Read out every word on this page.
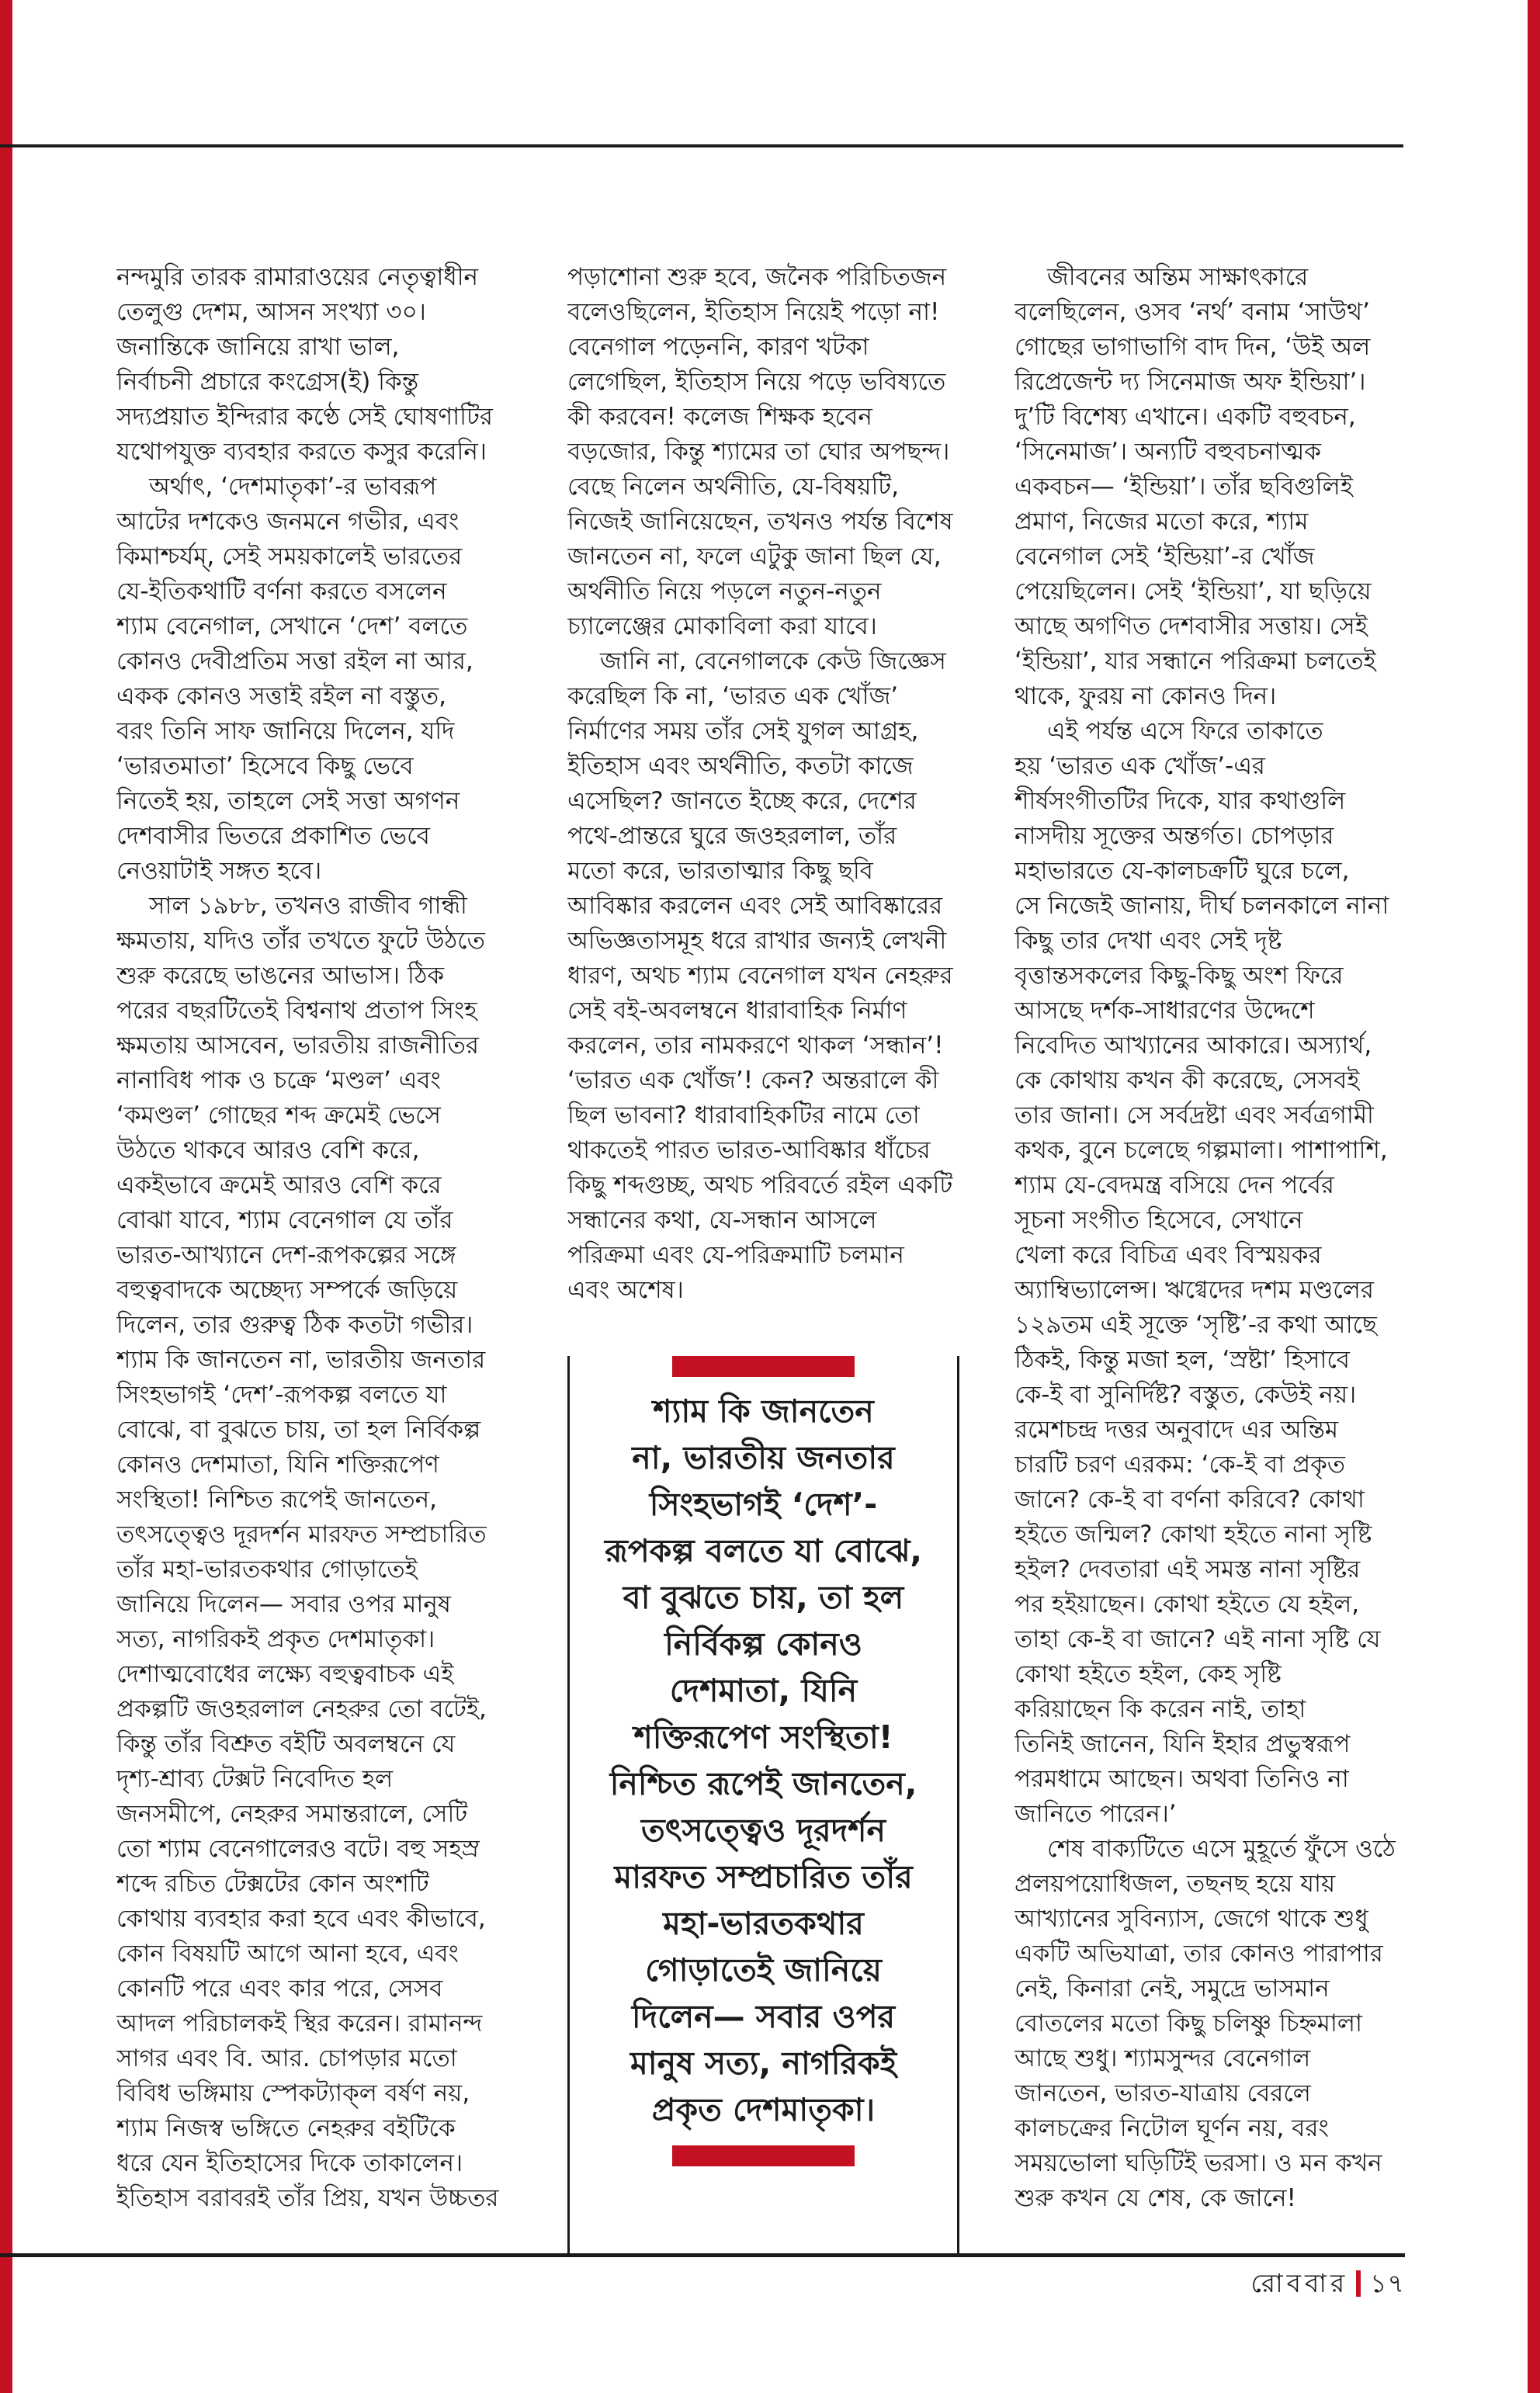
নন্দমুরি তারক রামারাওয়ের নেতৃত্বাধীন
তেলুগু দেশম, আসন সংখ্যা ৩০।
জনান্তিকে জানিয়ে রাখা ভাল,
নির্বাচনী প্রচারে কংগ্রেস(ই) কিন্তু
সদ্যপ্রয়াত ইন্দিরার কণ্ঠে সেই ঘোষণাটির
যথোপযুক্ত ব্যবহার করতে কসুর করেনি।
অর্থাৎ, ‘দেশমাতৃকা’-র ভাবরূপ
আটের দশকেও জনমনে গভীর, এবং
কিমাশ্চর্যম্‌, সেই সময়কালেই ভারতের
যে-ইতিকথাটি বর্ণনা করতে বসলেন
শ্যাম বেনেগাল, সেখানে ‘দেশ’ বলতে
কোনও দেবীপ্রতিম সত্তা রইল না আর,
একক কোনও সত্তাই রইল না বস্তুত,
বরং তিনি সাফ জানিয়ে দিলেন, যদি
‘ভারতমাতা’ হিসেবে কিছু ভেবে
নিতেই হয়, তাহলে সেই সত্তা অগণন
দেশবাসীর ভিতরে প্রকাশিত ভেবে
নেওয়াটাই সঙ্গত হবে।
সাল ১৯৮৮, তখনও রাজীব গান্ধী
ক্ষমতায়, যদিও তাঁর তখতে ফুটে উঠতে
শুরু করেছে ভাঙনের আভাস। ঠিক
পরের বছরটিতেই বিশ্বনাথ প্রতাপ সিংহ
ক্ষমতায় আসবেন, ভারতীয় রাজনীতির
নানাবিধ পাক ও চক্রে ‘মণ্ডল’ এবং
‘কমণ্ডল’ গোছের শব্দ ক্রমেই ভেসে
উঠতে থাকবে আরও বেশি করে,
একইভাবে ক্রমেই আরও বেশি করে
বোঝা যাবে, শ্যাম বেনেগাল যে তাঁর
ভারত-আখ্যানে দেশ-রূপকল্পের সঙ্গে
বহুত্ববাদকে অচ্ছেদ্য সম্পর্কে জড়িয়ে
দিলেন, তার গুরুত্ব ঠিক কতটা গভীর।
শ্যাম কি জানতেন না, ভারতীয় জনতার
সিংহভাগই ‘দেশ’-রূপকল্প বলতে যা
বোঝে, বা বুঝতে চায়, তা হল নির্বিকল্প
কোনও দেশমাতা, যিনি শক্তিরূপেণ
সংস্থিতা! নিশ্চিত রূপেই জানতেন,
তৎসত্ত্বেও দূরদর্শন মারফত সম্প্রচারিত
তাঁর মহা-ভারতকথার গোড়াতেই
জানিয়ে দিলেন— সবার ওপর মানুষ
সত্য, নাগরিকই প্রকৃত দেশমাতৃকা।
দেশাত্মবোধের লক্ষ্যে বহুত্ববাচক এই
প্রকল্পটি জওহরলাল নেহরুর তো বটেই,
কিন্তু তাঁর বিশ্রুত বইটি অবলম্বনে যে
দৃশ্য-শ্রাব্য টেক্সট নিবেদিত হল
জনসমীপে, নেহরুর সমান্তরালে, সেটি
তো শ্যাম বেনেগালেরও বটে। বহু সহস্র
শব্দে রচিত টেক্সটের কোন অংশটি
কোথায় ব্যবহার করা হবে এবং কীভাবে,
কোন বিষয়টি আগে আনা হবে, এবং
কোনটি পরে এবং কার পরে, সেসব
আদল পরিচালকই স্থির করেন। রামানন্দ
সাগর এবং বি. আর. চোপড়ার মতো
বিবিধ ভঙ্গিমায় স্পেকট্যাক্‌ল বর্ষণ নয়,
শ্যাম নিজস্ব ভঙ্গিতে নেহরুর বইটিকে
ধরে যেন ইতিহাসের দিকে তাকালেন।
ইতিহাস বরাবরই তাঁর প্রিয়, যখন উচ্চতর
পড়াশোনা শুরু হবে, জনৈক পরিচিতজন
বলেওছিলেন, ইতিহাস নিয়েই পড়ো না!
বেনেগাল পড়েননি, কারণ খটকা
লেগেছিল, ইতিহাস নিয়ে পড়ে ভবিষ্যতে
কী করবেন! কলেজ শিক্ষক হবেন
বড়জোর, কিন্তু শ্যামের তা ঘোর অপছন্দ।
বেছে নিলেন অর্থনীতি, যে-বিষয়টি,
নিজেই জানিয়েছেন, তখনও পর্যন্ত বিশেষ
জানতেন না, ফলে এটুকু জানা ছিল যে,
অর্থনীতি নিয়ে পড়লে নতুন-নতুন
চ্যালেঞ্জের মোকাবিলা করা যাবে।
জানি না, বেনেগালকে কেউ জিজ্ঞেস
করেছিল কি না, ‘ভারত এক খোঁজ’
নির্মাণের সময় তাঁর সেই যুগল আগ্রহ,
ইতিহাস এবং অর্থনীতি, কতটা কাজে
এসেছিল? জানতে ইচ্ছে করে, দেশের
পথে-প্রান্তরে ঘুরে জওহরলাল, তাঁর
মতো করে, ভারতাত্মার কিছু ছবি
আবিষ্কার করলেন এবং সেই আবিষ্কারের
অভিজ্ঞতাসমূহ ধরে রাখার জন্যই লেখনী
ধারণ, অথচ শ্যাম বেনেগাল যখন নেহরুর
সেই বই-অবলম্বনে ধারাবাহিক নির্মাণ
করলেন, তার নামকরণে থাকল ‘সন্ধান’!
‘ভারত এক খোঁজ’! কেন? অন্তরালে কী
ছিল ভাবনা? ধারাবাহিকটির নামে তো
থাকতেই পারত ভারত-আবিষ্কার ধাঁচের
কিছু শব্দগুচ্ছ, অথচ পরিবর্তে রইল একটি
সন্ধানের কথা, যে-সন্ধান আসলে
পরিক্রমা এবং যে-পরিক্রমাটি চলমান
এবং অশেষ।
জীবনের অন্তিম সাক্ষাৎকারে
বলেছিলেন, ওসব ‘নর্থ’ বনাম ‘সাউথ’
গোছের ভাগাভাগি বাদ দিন, ‘উই অল
রিপ্রেজেন্ট দ্য সিনেমাজ অফ ইন্ডিয়া’।
দু’টি বিশেষ্য এখানে। একটি বহুবচন,
‘সিনেমাজ’। অন্যটি বহুবচনাত্মক
একবচন— ‘ইন্ডিয়া’। তাঁর ছবিগুলিই
প্রমাণ, নিজের মতো করে, শ্যাম
বেনেগাল সেই ‘ইন্ডিয়া’-র খোঁজ
পেয়েছিলেন। সেই ‘ইন্ডিয়া’, যা ছড়িয়ে
আছে অগণিত দেশবাসীর সত্তায়। সেই
‘ইন্ডিয়া’, যার সন্ধানে পরিক্রমা চলতেই
থাকে, ফুরয় না কোনও দিন।
এই পর্যন্ত এসে ফিরে তাকাতে
হয় ‘ভারত এক খোঁজ’-এর
শীর্ষসংগীতটির দিকে, যার কথাগুলি
নাসদীয় সূক্তের অন্তর্গত। চোপড়ার
মহাভারতে যে-কালচক্রটি ঘুরে চলে,
সে নিজেই জানায়, দীর্ঘ চলনকালে নানা
কিছু তার দেখা এবং সেই দৃষ্ট
বৃত্তান্তসকলের কিছু-কিছু অংশ ফিরে
আসছে দর্শক-সাধারণের উদ্দেশে
নিবেদিত আখ্যানের আকারে। অস্যার্থ,
কে কোথায় কখন কী করেছে, সেসবই
তার জানা। সে সর্বদ্রষ্টা এবং সর্বত্রগামী
কথক, বুনে চলেছে গল্পমালা। পাশাপাশি,
শ্যাম যে-বেদমন্ত্র বসিয়ে দেন পর্বের
সূচনা সংগীত হিসেবে, সেখানে
খেলা করে বিচিত্র এবং বিস্ময়কর
অ্যাম্বিভ্যালেন্স। ঋগ্বেদের দশম মণ্ডলের
১২৯তম এই সূক্তে ‘সৃষ্টি’-র কথা আছে
ঠিকই, কিন্তু মজা হল, ‘স্রষ্টা’ হিসাবে
কে-ই বা সুনির্দিষ্ট? বস্তুত, কেউই নয়।
রমেশচন্দ্র দত্তর অনুবাদে এর অন্তিম
চারটি চরণ এরকম: ‘কে-ই বা প্রকৃত
জানে? কে-ই বা বর্ণনা করিবে? কোথা
হইতে জন্মিল? কোথা হইতে নানা সৃষ্টি
হইল? দেবতারা এই সমস্ত নানা সৃষ্টির
পর হইয়াছেন। কোথা হইতে যে হইল,
তাহা কে-ই বা জানে? এই নানা সৃষ্টি যে
কোথা হইতে হইল, কেহ সৃষ্টি
করিয়াছেন কি করেন নাই, তাহা
তিনিই জানেন, যিনি ইহার প্রভুস্বরূপ
পরমধামে আছেন। অথবা তিনিও না
জানিতে পারেন।’
শেষ বাক্যটিতে এসে মুহূর্তে ফুঁসে ওঠে
প্রলয়পয়োধিজল, তছনছ হয়ে যায়
আখ্যানের সুবিন্যাস, জেগে থাকে শুধু
একটি অভিযাত্রা, তার কোনও পারাপার
নেই, কিনারা নেই, সমুদ্রে ভাসমান
বোতলের মতো কিছু চলিষ্ণু চিহ্নমালা
আছে শুধু। শ্যামসুন্দর বেনেগাল
জানতেন, ভারত-যাত্রায় বেরলে
কালচক্রের নিটোল ঘূর্ণন নয়, বরং
সময়ভোলা ঘড়িটিই ভরসা। ও মন কখন
শুরু কখন যে শেষ, কে জানে!
শ্যাম কি জানতেন
না, ভারতীয় জনতার
সিংহভাগই ‘দেশ’-
রূপকল্প বলতে যা বোঝে,
বা বুঝতে চায়, তা হল
নির্বিকল্প কোনও
দেশমাতা, যিনি
শক্তিরূপেণ সংস্থিতা!
নিশ্চিত রূপেই জানতেন,
তৎসত্ত্বেও দূরদর্শন
মারফত সম্প্রচারিত তাঁর
মহা-ভারতকথার
গোড়াতেই জানিয়ে
দিলেন— সবার ওপর
মানুষ সত্য, নাগরিকই
প্রকৃত দেশমাতৃকা।
রোববার ১৭
